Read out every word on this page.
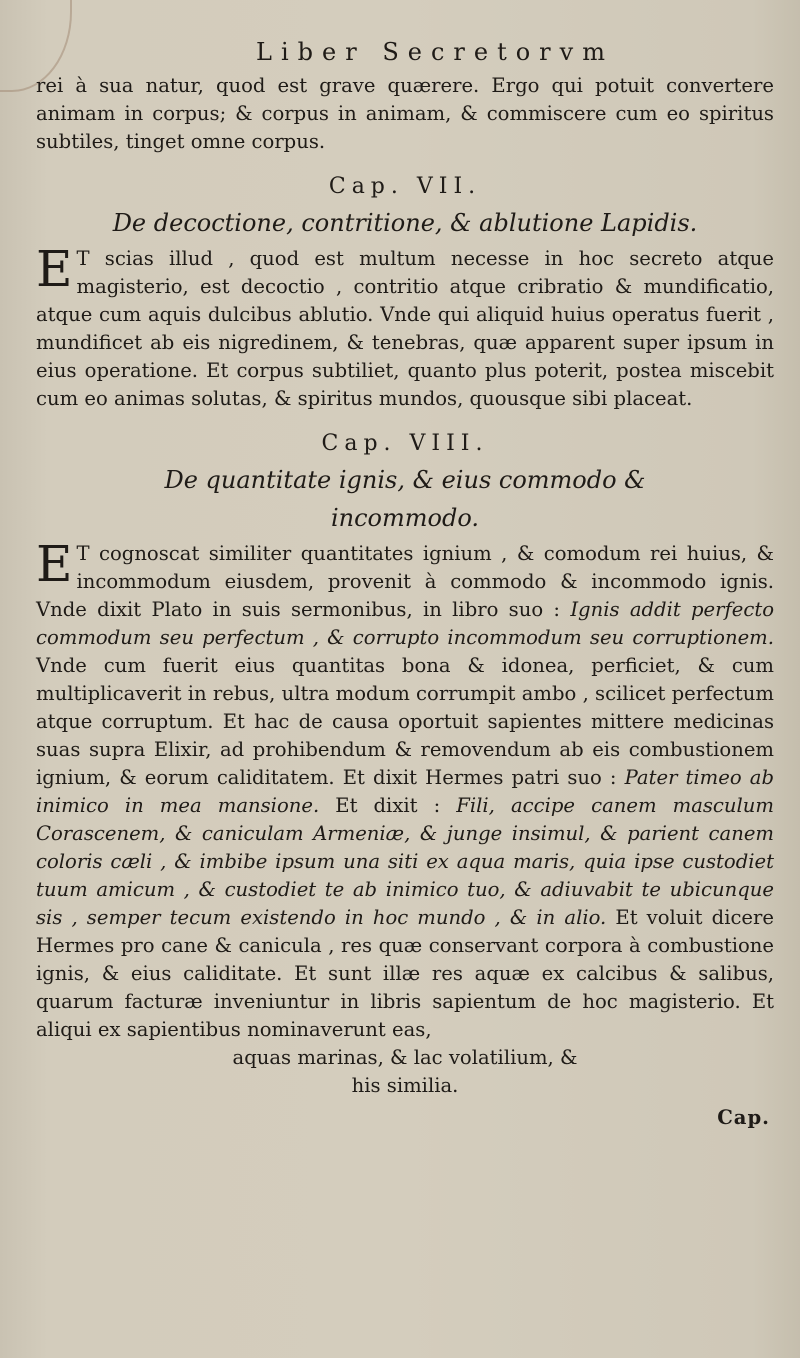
Liber Secretorvm

rei à sua natur, quod est grave quærere. Ergo qui potuit convertere animam in corpus; & corpus in animam, & commiscere cum eo spiritus subtiles, tinget omne corpus.

Cap. VII.
De decoctione, contritione, & ablutione Lapidis.

E T scias illud , quod est multum necesse in hoc secreto atque magisterio, est decoctio , contritio atque cribratio & mundificatio, atque cum aquis dulcibus ablutio. Vnde qui aliquid huius operatus fuerit , mundificet ab eis nigredinem, & tenebras, quæ apparent super ipsum in eius operatione. Et corpus subtiliet, quanto plus poterit, postea miscebit cum eo animas solutas, & spiritus mundos, quousque sibi placeat.

Cap. VIII.
De quantitate ignis, & eius commodo &
incommodo.

E T cognoscat similiter quantitates ignium , & comodum rei huius, & incommodum eiusdem, provenit à commodo & incommodo ignis. Vnde dixit Plato in suis sermonibus, in libro suo : Ignis addit perfecto commodum seu perfectum , & corrupto incommodum seu corruptionem. Vnde cum fuerit eius quantitas bona & idonea, perficiet, & cum multiplicaverit in rebus, ultra modum corrumpit ambo , scilicet perfectum atque corruptum. Et hac de causa oportuit sapientes mittere medicinas suas supra Elixir, ad prohibendum & removendum ab eis combustionem ignium, & eorum caliditatem. Et dixit Hermes patri suo : Pater timeo ab inimico in mea mansione. Et dixit : Fili, accipe canem masculum Corascenem, & caniculam Armeniæ, & junge insimul, & parient canem coloris cæli , & imbibe ipsum una siti ex aqua maris, quia ipse custodiet tuum amicum , & custodiet te ab inimico tuo, & adiuvabit te ubicunque sis , semper tecum existendo in hoc mundo , & in alio. Et voluit dicere Hermes pro cane & canicula , res quæ conservant corpora à combustione ignis, & eius caliditate. Et sunt illæ res aquæ ex calcibus & salibus, quarum facturæ inveniuntur in libris sapientum de hoc magisterio. Et aliqui ex sapientibus nominaverunt eas,

aquas marinas, & lac volatilium, &
his similia.
Cap.
